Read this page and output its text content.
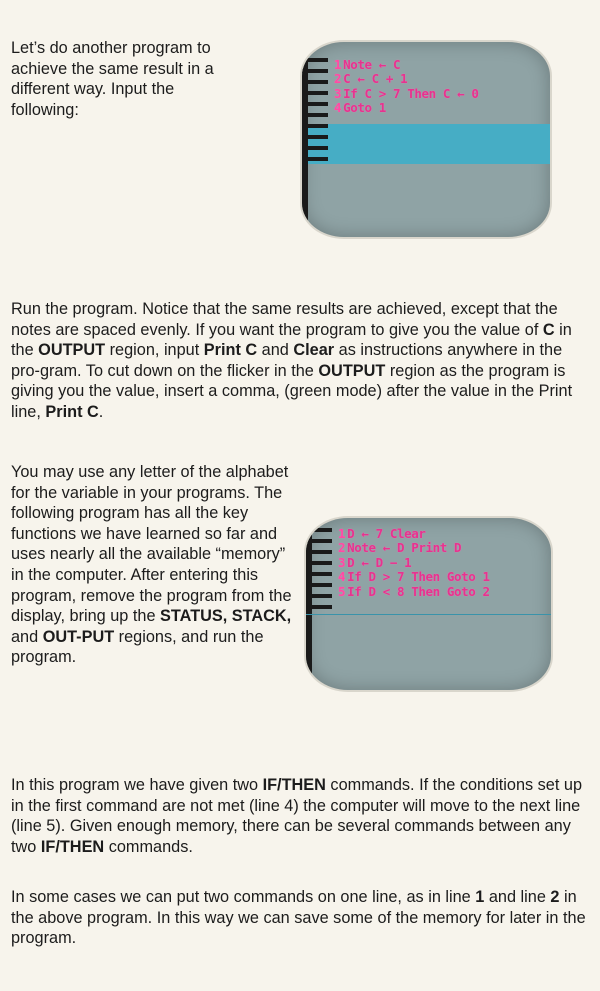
Let’s do another program to
achieve the same result in a
different way. Input the
following:

1 Note ← C
2 C ← C + 1
3 If C > 7 Then C ← 0
4 Goto 1

Run the program. Notice that the same results are achieved, except that the notes are spaced evenly. If you want the program to give you the value of C in the OUTPUT region, input Print C and Clear as instructions anywhere in the pro-gram. To cut down on the flicker in the OUTPUT region as the program is giving you the value, insert a comma, (green mode) after the value in the Print line, Print C.

You may use any letter of the alphabet for the variable in your programs. The following program has all the key functions we have learned so far and uses nearly all the available “memory” in the computer. After entering this program, remove the program from the display, bring up the STATUS, STACK, and OUT-PUT regions, and run the program.

1 D ← 7 Clear
2 Note ← D Print D
3 D ← D − 1
4 If D > 7 Then Goto 1
5 If D < 8 Then Goto 2

In this program we have given two IF/THEN commands. If the conditions set up in the first command are not met (line 4) the computer will move to the next line (line 5). Given enough memory, there can be several commands between any two IF/THEN commands.

In some cases we can put two commands on one line, as in line 1 and line 2 in the above program. In this way we can save some of the memory for later in the program.
